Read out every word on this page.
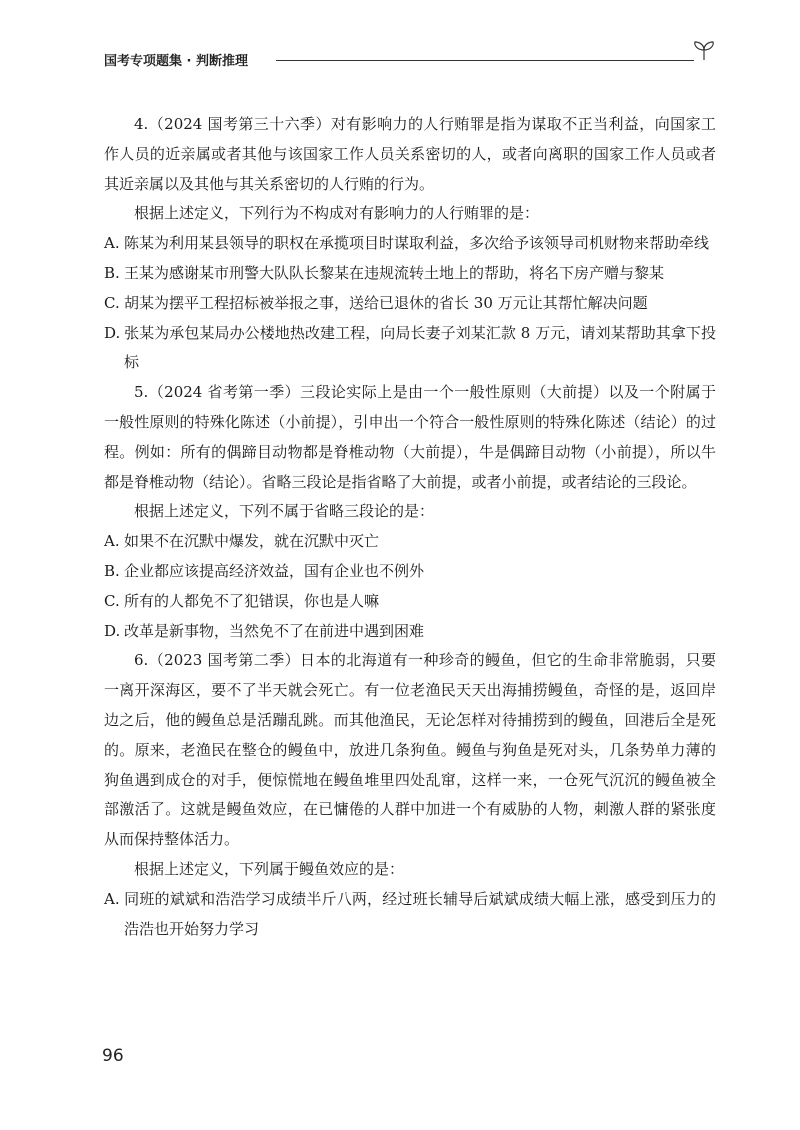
国考专项题集 · 判断推理

4.（2024 国考第三十六季）对有影响力的人行贿罪是指为谋取不正当利益，向国家工作人员的近亲属或者其他与该国家工作人员关系密切的人，或者向离职的国家工作人员或者其近亲属以及其他与其关系密切的人行贿的行为。

根据上述定义，下列行为不构成对有影响力的人行贿罪的是：

A. 陈某为利用某县领导的职权在承揽项目时谋取利益，多次给予该领导司机财物来帮助牵线

B. 王某为感谢某市刑警大队队长黎某在违规流转土地上的帮助，将名下房产赠与黎某

C. 胡某为摆平工程招标被举报之事，送给已退休的省长 30 万元让其帮忙解决问题

D. 张某为承包某局办公楼地热改建工程，向局长妻子刘某汇款 8 万元，请刘某帮助其拿下投标

5.（2024 省考第一季）三段论实际上是由一个一般性原则（大前提）以及一个附属于一般性原则的特殊化陈述（小前提），引申出一个符合一般性原则的特殊化陈述（结论）的过程。例如：所有的偶蹄目动物都是脊椎动物（大前提），牛是偶蹄目动物（小前提），所以牛都是脊椎动物（结论）。省略三段论是指省略了大前提，或者小前提，或者结论的三段论。

根据上述定义，下列不属于省略三段论的是：

A. 如果不在沉默中爆发，就在沉默中灭亡

B. 企业都应该提高经济效益，国有企业也不例外

C. 所有的人都免不了犯错误，你也是人嘛

D. 改革是新事物，当然免不了在前进中遇到困难

6.（2023 国考第二季）日本的北海道有一种珍奇的鳗鱼，但它的生命非常脆弱，只要一离开深海区，要不了半天就会死亡。有一位老渔民天天出海捕捞鳗鱼，奇怪的是，返回岸边之后，他的鳗鱼总是活蹦乱跳。而其他渔民，无论怎样对待捕捞到的鳗鱼，回港后全是死的。原来，老渔民在整仓的鳗鱼中，放进几条狗鱼。鳗鱼与狗鱼是死对头，几条势单力薄的狗鱼遇到成仓的对手，便惊慌地在鳗鱼堆里四处乱窜，这样一来，一仓死气沉沉的鳗鱼被全部激活了。这就是鳗鱼效应，在已慵倦的人群中加进一个有威胁的人物，刺激人群的紧张度从而保持整体活力。

根据上述定义，下列属于鳗鱼效应的是：

A. 同班的斌斌和浩浩学习成绩半斤八两，经过班长辅导后斌斌成绩大幅上涨，感受到压力的浩浩也开始努力学习

96
